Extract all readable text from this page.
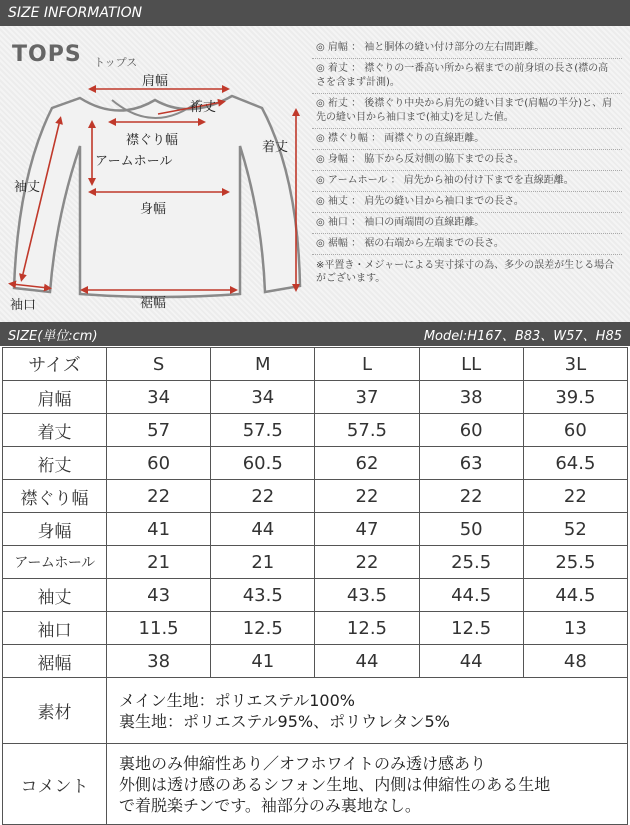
SIZE INFORMATION
TOPS トップス
肩幅
裄丈
襟ぐり幅
アームホール
着丈
袖丈
身幅
袖口	裾幅
◎ 肩幅 ： 袖と胴体の縫い付け部分の左右間距離。
◎ 着丈 ： 襟ぐりの一番高い所から裾までの前身頃の長さ(襟の高さを含まず計測)。
◎ 裄丈 ： 後襟ぐり中央から肩先の縫い目まで(肩幅の半分)と、肩先の縫い目から袖口まで(袖丈)を足した値。
◎ 襟ぐり幅 ： 両襟ぐりの直線距離。
◎ 身幅 ： 脇下から反対側の脇下までの長さ。
◎ アームホール ： 肩先から袖の付け下までを直線距離。
◎ 袖丈 ： 肩先の縫い目から袖口までの長さ。
◎ 袖口 ： 袖口の両端間の直線距離。
◎ 裾幅 ： 裾の右端から左端までの長さ。
※平置き・メジャーによる実寸採寸の為、多少の誤差が生じる場合がございます。
SIZE(単位:cm)	Model:H167、B83、W57、H85
サイズ	S	M	L	LL	3L
肩幅	34	34	37	38	39.5
着丈	57	57.5	57.5	60	60
裄丈	60	60.5	62	63	64.5
襟ぐり幅	22	22	22	22	22
身幅	41	44	47	50	52
アームホール	21	21	22	25.5	25.5
袖丈	43	43.5	43.5	44.5	44.5
袖口	11.5	12.5	12.5	12.5	13
裾幅	38	41	44	44	48
素材	メイン生地：ポリエステル100%
裏生地：ポリエステル95%、ポリウレタン5%				

コメント	裏地のみ伸縮性あり／オフホワイトのみ透け感あり
外側は透け感のあるシフォン生地、内側は伸縮性のある生地
で着脱楽チンです。袖部分のみ裏地なし。				
